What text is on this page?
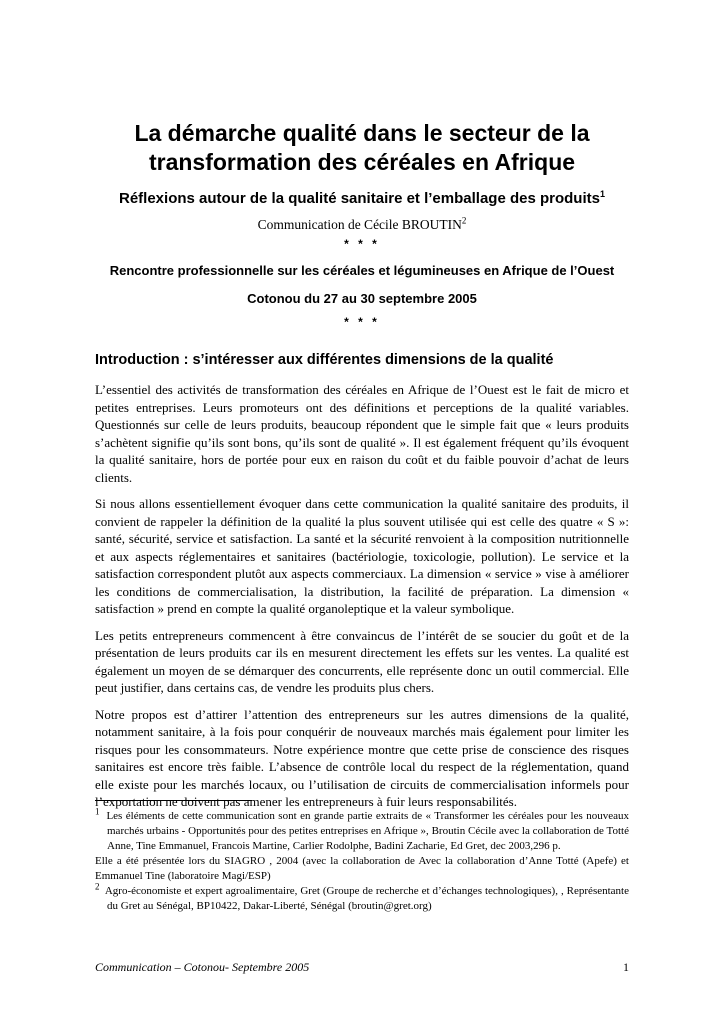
La démarche qualité dans le secteur de la transformation des céréales en Afrique
Réflexions autour de la qualité sanitaire et l’emballage des produits$^1$
Communication de Cécile BROUTIN$^2$
* * *
Rencontre professionnelle sur les céréales et légumineuses en Afrique de l’Ouest
Cotonou du 27 au 30 septembre 2005
* * *
Introduction : s’intéresser aux différentes dimensions de la qualité

L’essentiel des activités de transformation des céréales en Afrique de l’Ouest est le fait de micro et petites entreprises. Leurs promoteurs ont des définitions et perceptions de la qualité variables. Questionnés sur celle de leurs produits, beaucoup répondent que le simple fait que « leurs produits s’achètent signifie qu’ils sont bons, qu’ils sont de qualité ». Il est également fréquent qu’ils évoquent la qualité sanitaire, hors de portée pour eux en raison du coût et du faible pouvoir d’achat de leurs clients.

Si nous allons essentiellement évoquer dans cette communication la qualité sanitaire des produits, il convient de rappeler la définition de la qualité la plus souvent utilisée qui est celle des quatre « S »: santé, sécurité, service et satisfaction. La santé et la sécurité renvoient à la composition nutritionnelle et aux aspects réglementaires et sanitaires (bactériologie, toxicologie, pollution). Le service et la satisfaction correspondent plutôt aux aspects commerciaux. La dimension « service » vise à améliorer les conditions de commercialisation, la distribution, la facilité de préparation. La dimension « satisfaction » prend en compte la qualité organoleptique et la valeur symbolique.

Les petits entrepreneurs commencent à être convaincus de l’intérêt de se soucier du goût et de la présentation de leurs produits car ils en mesurent directement les effets sur les ventes. La qualité est également un moyen de se démarquer des concurrents, elle représente donc un outil commercial. Elle peut justifier, dans certains cas, de vendre les produits plus chers.

Notre propos est d’attirer l’attention des entrepreneurs sur les autres dimensions de la qualité, notamment sanitaire, à la fois pour conquérir de nouveaux marchés mais également pour limiter les risques pour les consommateurs. Notre expérience montre que cette prise de conscience des risques sanitaires est encore très faible. L’absence de contrôle local du respect de la réglementation, quand elle existe pour les marchés locaux, ou l’utilisation de circuits de commercialisation informels pour l’exportation ne doivent pas amener les entrepreneurs à fuir leurs responsabilités.

$^1$ Les éléments de cette communication sont en grande partie extraits de « Transformer les céréales pour les nouveaux marchés urbains - Opportunités pour des petites entreprises en Afrique », Broutin Cécile avec la collaboration de Totté Anne, Tine Emmanuel, Francois Martine, Carlier Rodolphe, Badini Zacharie, Ed Gret, dec 2003,296 p.

Elle a été présentée lors du SIAGRO , 2004 (avec la collaboration de Avec la collaboration d’Anne Totté (Apefe) et Emmanuel Tine (laboratoire Magi/ESP)

$^2$ Agro-économiste et expert agroalimentaire, Gret (Groupe de recherche et d’échanges technologiques), , Représentante du Gret au Sénégal, BP10422, Dakar-Liberté, Sénégal (broutin@gret.org)

Communication – Cotonou- Septembre 2005	1
